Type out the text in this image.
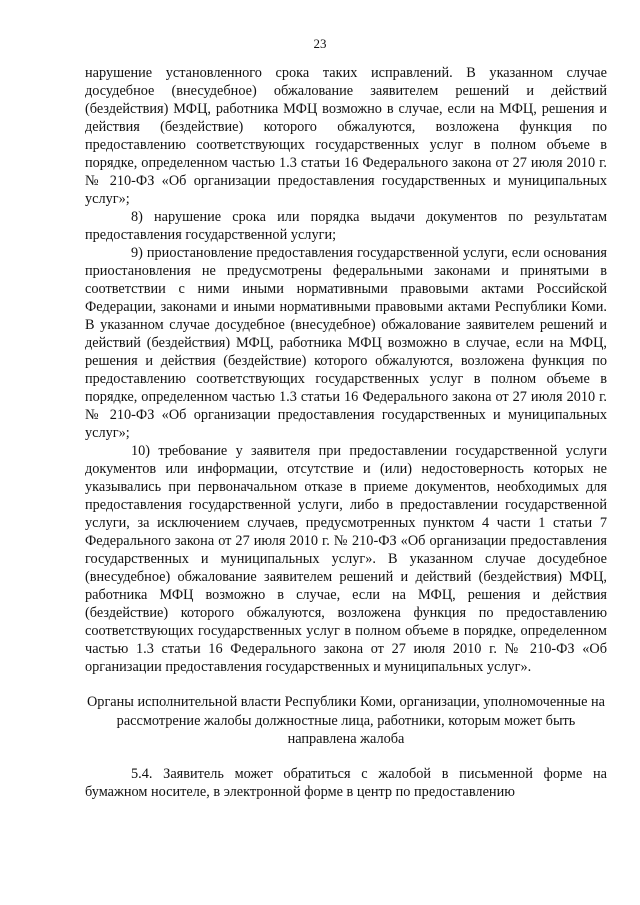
23

нарушение установленного срока таких исправлений. В указанном случае досудебное (внесудебное) обжалование заявителем решений и действий (бездействия) МФЦ, работника МФЦ возможно в случае, если на МФЦ, решения и действия (бездействие) которого обжалуются, возложена функция по предоставлению соответствующих государственных услуг в полном объеме в порядке, определенном частью 1.3 статьи 16 Федерального закона от 27 июля 2010 г. № 210-ФЗ «Об организации предоставления государственных и муниципальных услуг»;

8) нарушение срока или порядка выдачи документов по результатам предоставления государственной услуги;

9) приостановление предоставления государственной услуги, если основания приостановления не предусмотрены федеральными законами и принятыми в соответствии с ними иными нормативными правовыми актами Российской Федерации, законами и иными нормативными правовыми актами Республики Коми. В указанном случае досудебное (внесудебное) обжалование заявителем решений и действий (бездействия) МФЦ, работника МФЦ возможно в случае, если на МФЦ, решения и действия (бездействие) которого обжалуются, возложена функция по предоставлению соответствующих государственных услуг в полном объеме в порядке, определенном частью 1.3 статьи 16 Федерального закона от 27 июля 2010 г. № 210-ФЗ «Об организации предоставления государственных и муниципальных услуг»;

10) требование у заявителя при предоставлении государственной услуги документов или информации, отсутствие и (или) недостоверность которых не указывались при первоначальном отказе в приеме документов, необходимых для предоставления государственной услуги, либо в предоставлении государственной услуги, за исключением случаев, предусмотренных пунктом 4 части 1 статьи 7 Федерального закона от 27 июля 2010 г. № 210-ФЗ «Об организации предоставления государственных и муниципальных услуг». В указанном случае досудебное (внесудебное) обжалование заявителем решений и действий (бездействия) МФЦ, работника МФЦ возможно в случае, если на МФЦ, решения и действия (бездействие) которого обжалуются, возложена функция по предоставлению соответствующих государственных услуг в полном объеме в порядке, определенном частью 1.3 статьи 16 Федерального закона от 27 июля 2010 г. № 210-ФЗ «Об организации предоставления государственных и муниципальных услуг».

Органы исполнительной власти Республики Коми, организации, уполномоченные на рассмотрение жалобы должностные лица, работники, которым может быть направлена жалоба

5.4. Заявитель может обратиться с жалобой в письменной форме на бумажном носителе, в электронной форме в центр по предоставлению
